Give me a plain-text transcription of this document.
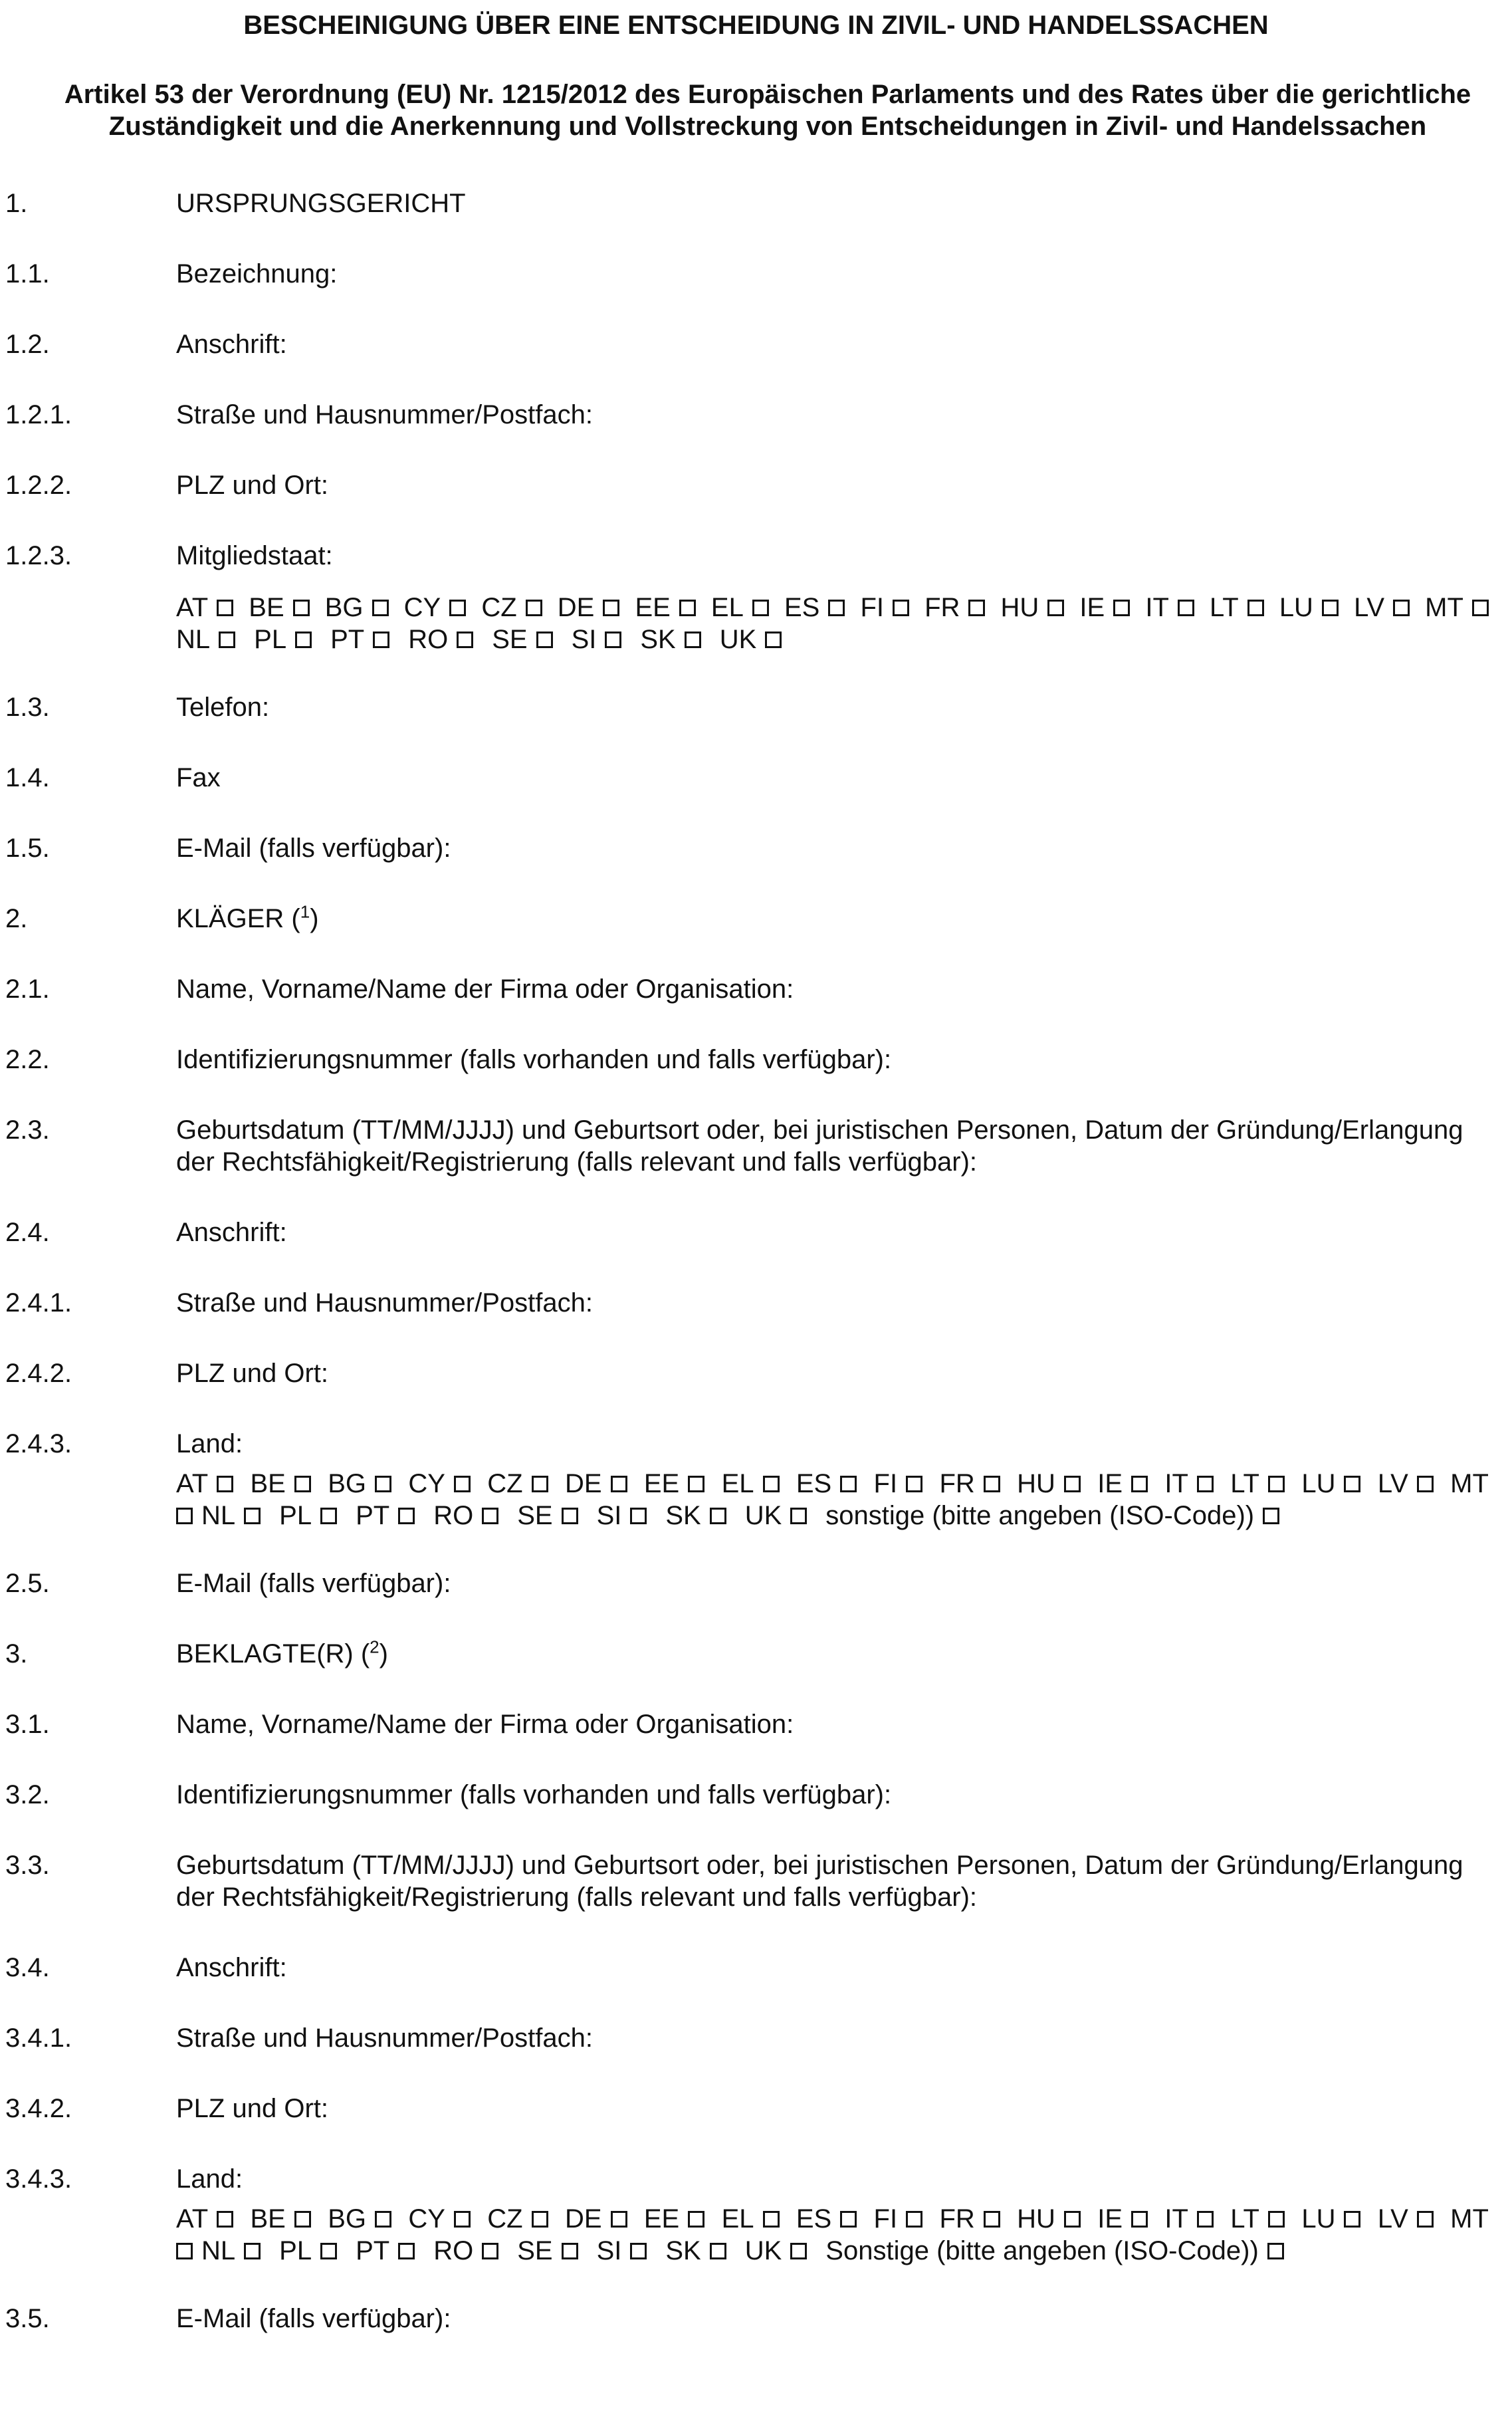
BESCHEINIGUNG ÜBER EINE ENTSCHEIDUNG IN ZIVIL- UND HANDELSSACHEN
Artikel 53 der Verordnung (EU) Nr. 1215/2012 des Europäischen Parlaments und des Rates über die gerichtliche Zuständigkeit und die Anerkennung und Vollstreckung von Entscheidungen in Zivil- und Handelssachen
1.	URSPRUNGSGERICHT
1.1.	Bezeichnung:
1.2.	Anschrift:
1.2.1.	Straße und Hausnummer/Postfach:
1.2.2.	PLZ und Ort:
1.2.3.	Mitgliedstaat:
AT BE BG CY CZ DE EE EL ES FI FR HU IE IT LT LU LV MT
NL PL PT RO SE SI SK UK
1.3.	Telefon:
1.4.	Fax
1.5.	E-Mail (falls verfügbar):
2.	KLÄGER ($^1$)
2.1.	Name, Vorname/Name der Firma oder Organisation:
2.2.	Identifizierungsnummer (falls vorhanden und falls verfügbar):
2.3.	Geburtsdatum (TT/MM/JJJJ) und Geburtsort oder, bei juristischen Personen, Datum der Gründung/Erlangung der Rechtsfähigkeit/Registrierung (falls relevant und falls verfügbar):
2.4.	Anschrift:
2.4.1.	Straße und Hausnummer/Postfach:
2.4.2.	PLZ und Ort:
2.4.3.	Land:
AT BE BG CY CZ DE EE EL ES FI FR HU IE IT LT LU LV MT
NL PL PT RO SE SI SK UK sonstige (bitte angeben (ISO-Code))
2.5.	E-Mail (falls verfügbar):
3.	BEKLAGTE(R) ($^2$)
3.1.	Name, Vorname/Name der Firma oder Organisation:
3.2.	Identifizierungsnummer (falls vorhanden und falls verfügbar):
3.3.	Geburtsdatum (TT/MM/JJJJ) und Geburtsort oder, bei juristischen Personen, Datum der Gründung/Erlangung der Rechtsfähigkeit/Registrierung (falls relevant und falls verfügbar):
3.4.	Anschrift:
3.4.1.	Straße und Hausnummer/Postfach:
3.4.2.	PLZ und Ort:
3.4.3.	Land:
AT BE BG CY CZ DE EE EL ES FI FR HU IE IT LT LU LV MT
NL PL PT RO SE SI SK UK Sonstige (bitte angeben (ISO-Code))
3.5.	E-Mail (falls verfügbar):
